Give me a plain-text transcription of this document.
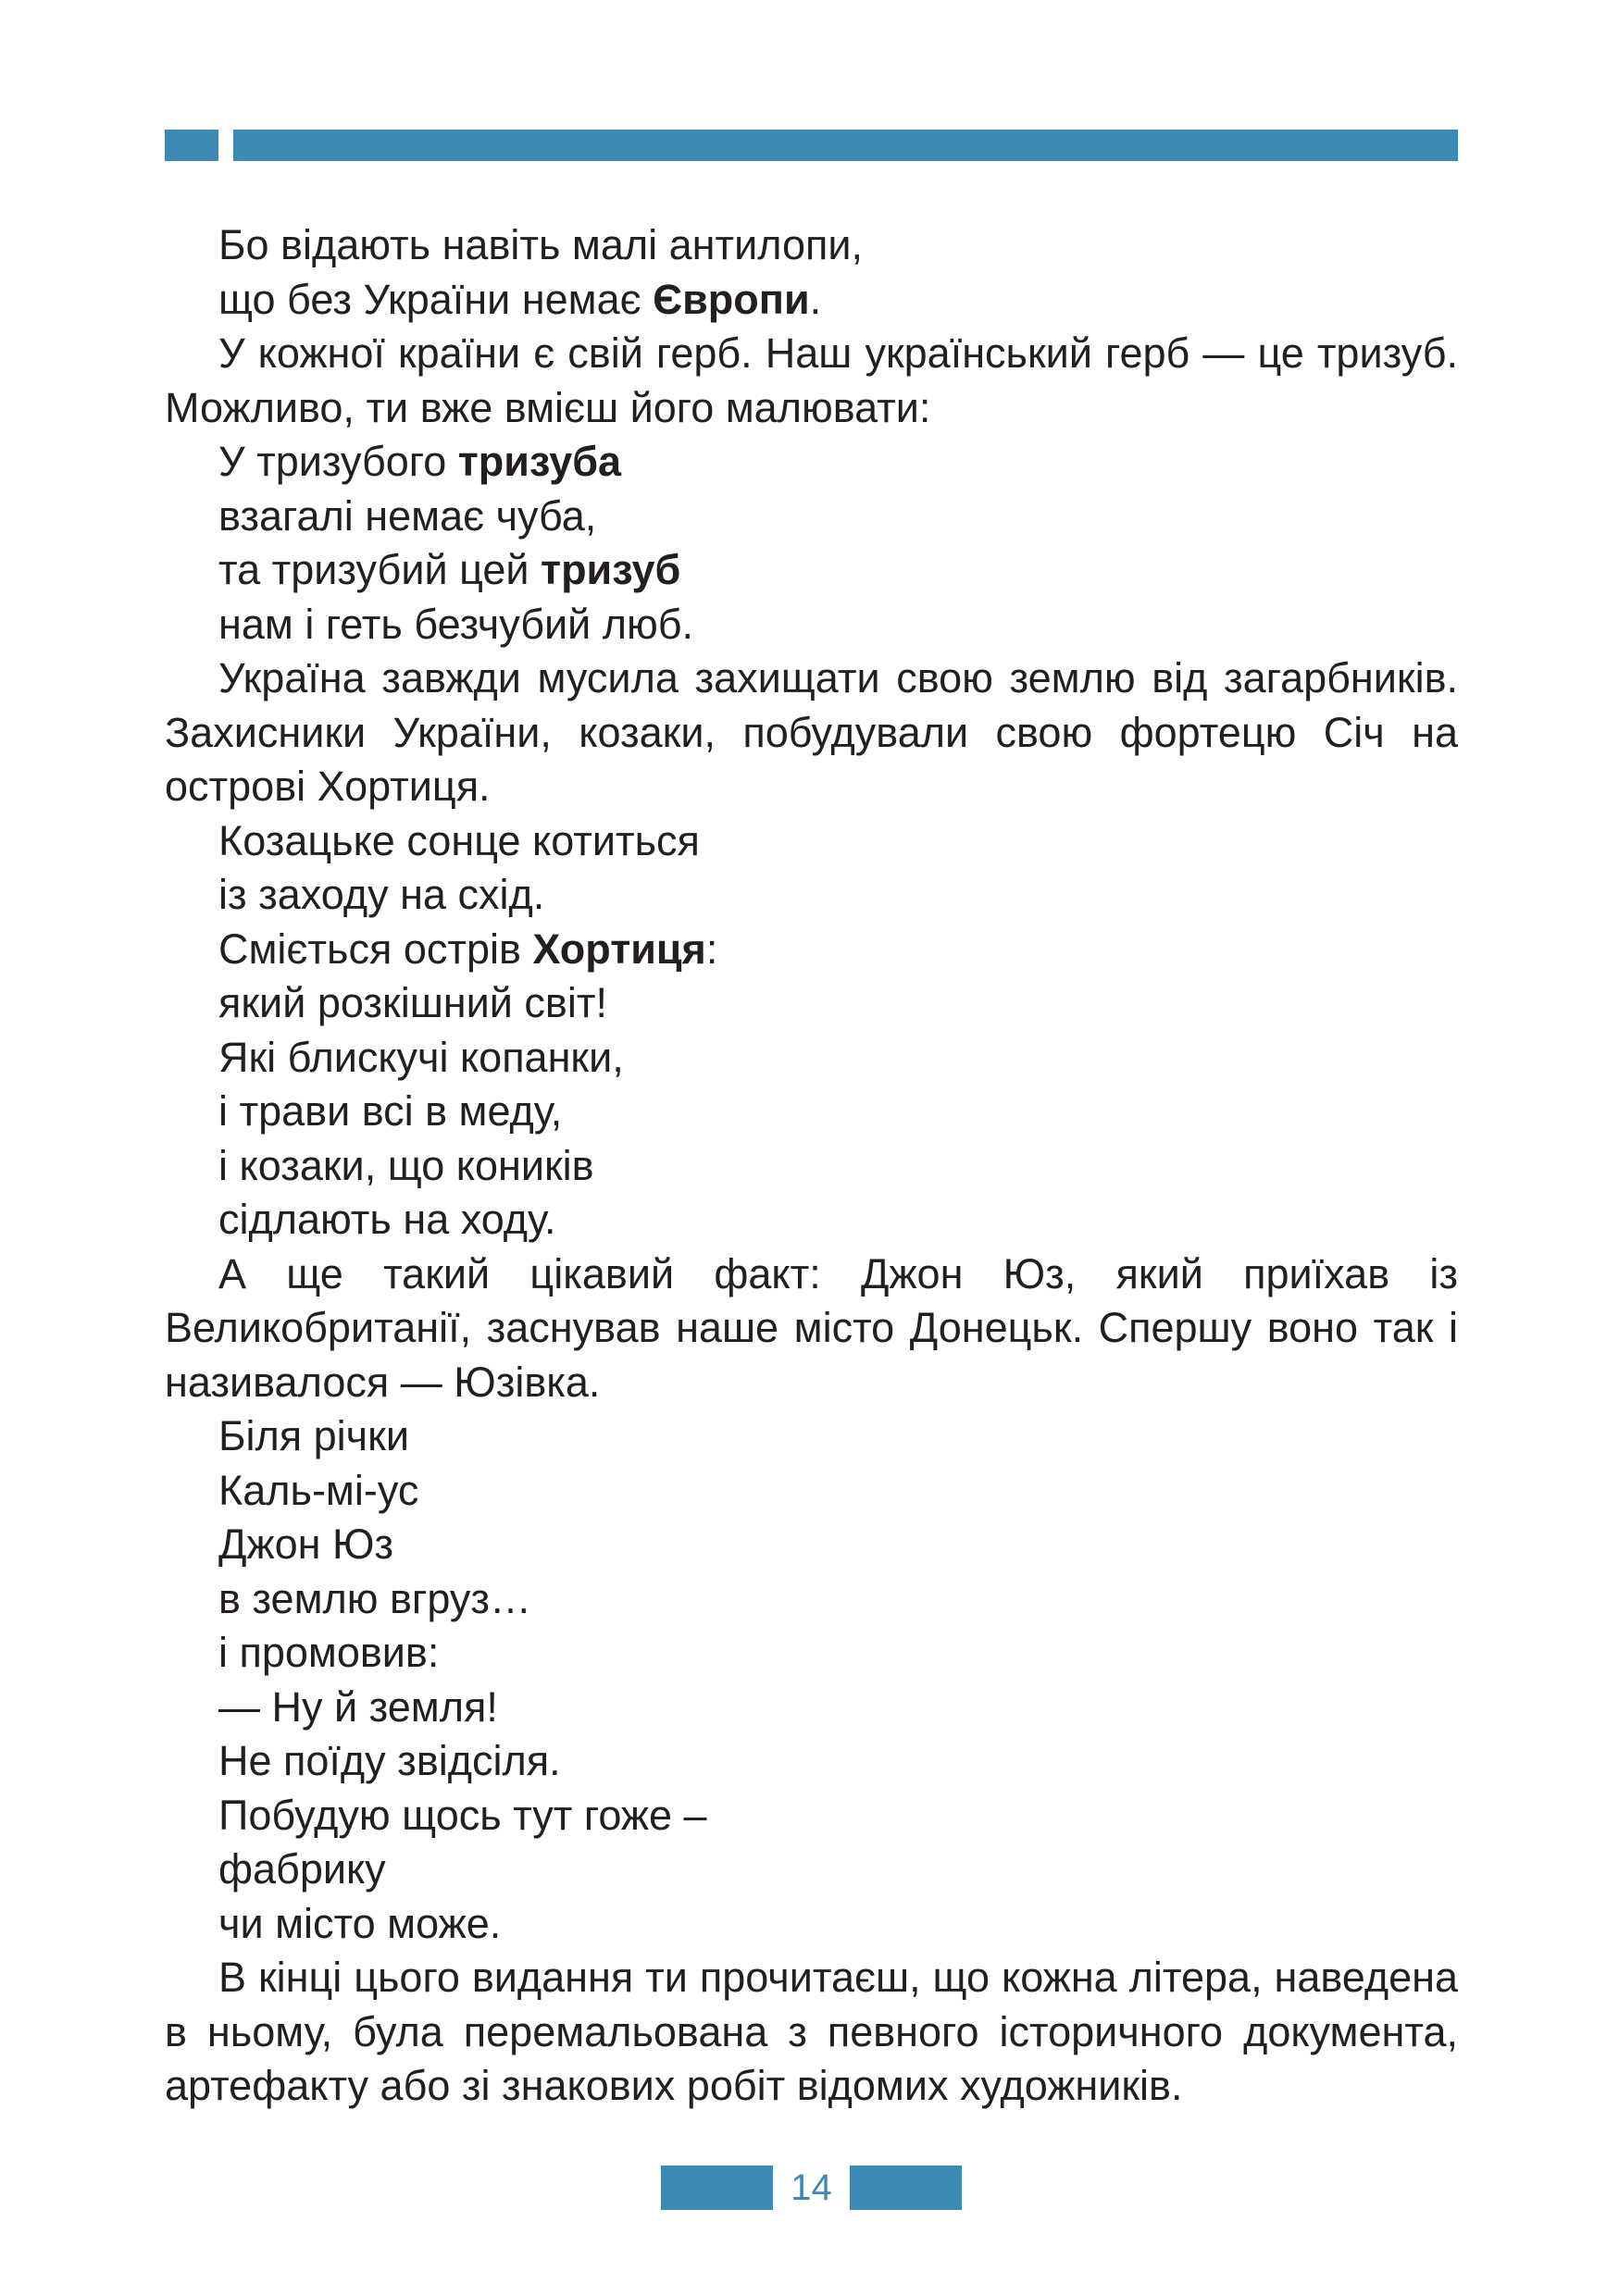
Бо відають навіть малі антилопи,
що без України немає Європи.
У кожної країни є свій герб. Наш український герб — це тризуб. Можливо, ти вже вмієш його малювати:
У тризубого тризуба
взагалі немає чуба,
та тризубий цей тризуб
нам і геть безчубий люб.
Україна завжди мусила захищати свою землю від загарбників. Захисники України, козаки, побудували свою фортецю Січ на острові Хортиця.
Козацьке сонце котиться
із заходу на схід.
Сміється острів Хортиця:
який розкішний світ!
Які блискучі копанки,
і трави всі в меду,
і козаки, що коників
сідлають на ходу.
А ще такий цікавий факт: Джон Юз, який приїхав із Великобританії, заснував наше місто Донецьк. Спершу воно так і називалося — Юзівка.
Біля річки
Каль-мі-ус
Джон Юз
в землю вгруз…
і промовив:
— Ну й земля!
Не поїду звідсіля.
Побудую щось тут гоже –
фабрику
чи місто може.
В кінці цього видання ти прочитаєш, що кожна літера, наведена в ньому, була перемальована з певного історичного документа, артефакту або зі знакових робіт відомих художників.
14
